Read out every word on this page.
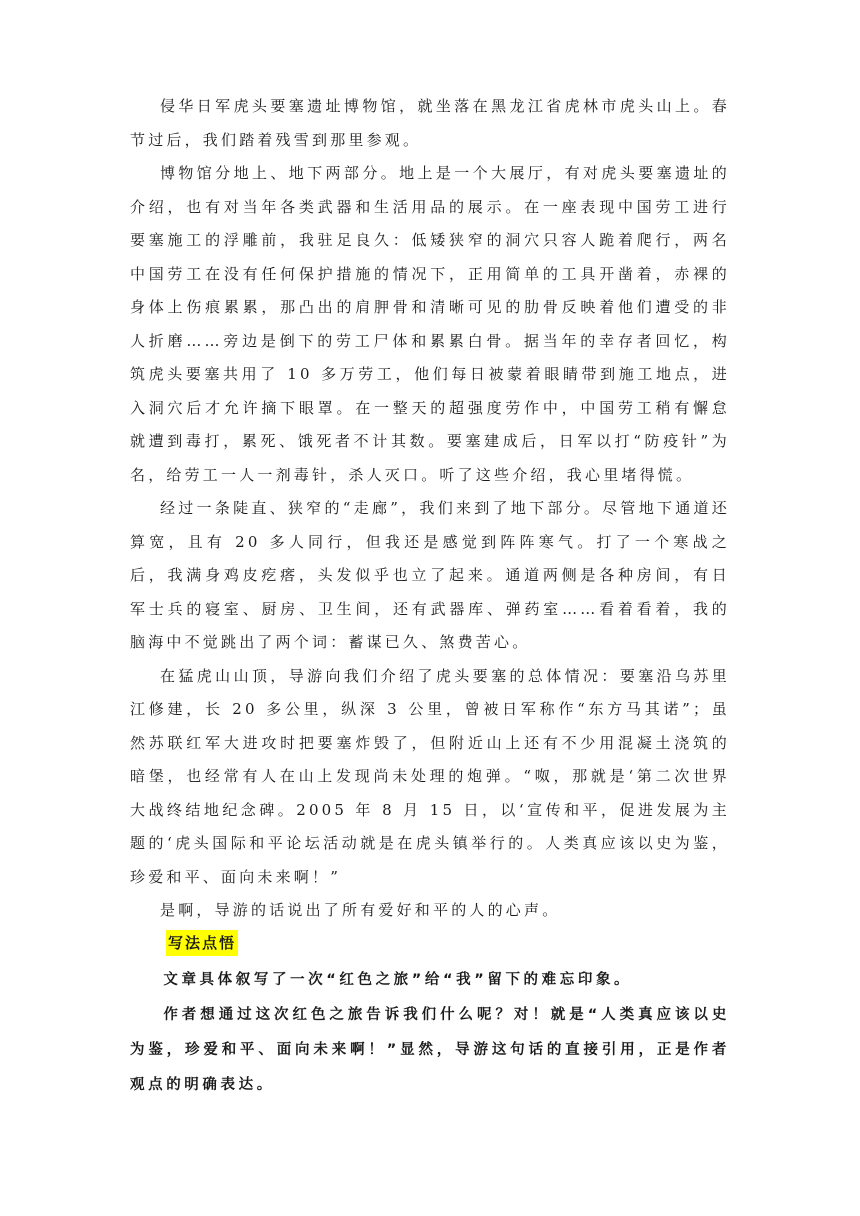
侵华日军虎头要塞遗址博物馆，就坐落在黑龙江省虎林市虎头山上。春节过后，我们踏着残雪到那里参观。

博物馆分地上、地下两部分。地上是一个大展厅，有对虎头要塞遗址的介绍，也有对当年各类武器和生活用品的展示。在一座表现中国劳工进行要塞施工的浮雕前，我驻足良久：低矮狭窄的洞穴只容人跪着爬行，两名中国劳工在没有任何保护措施的情况下，正用简单的工具开凿着，赤裸的身体上伤痕累累，那凸出的肩胛骨和清晰可见的肋骨反映着他们遭受的非人折磨……旁边是倒下的劳工尸体和累累白骨。据当年的幸存者回忆，构筑虎头要塞共用了 10 多万劳工，他们每日被蒙着眼睛带到施工地点，进入洞穴后才允许摘下眼罩。在一整天的超强度劳作中，中国劳工稍有懈怠就遭到毒打，累死、饿死者不计其数。要塞建成后，日军以打“防疫针”为名，给劳工一人一剂毒针，杀人灭口。听了这些介绍，我心里堵得慌。

经过一条陡直、狭窄的“走廊”，我们来到了地下部分。尽管地下通道还算宽，且有 20 多人同行，但我还是感觉到阵阵寒气。打了一个寒战之后，我满身鸡皮疙瘩，头发似乎也立了起来。通道两侧是各种房间，有日军士兵的寝室、厨房、卫生间，还有武器库、弹药室……看着看着，我的脑海中不觉跳出了两个词：蓄谋已久、煞费苦心。

在猛虎山山顶，导游向我们介绍了虎头要塞的总体情况：要塞沿乌苏里江修建，长 20 多公里，纵深 3 公里，曾被日军称作“东方马其诺”；虽然苏联红军大进攻时把要塞炸毁了，但附近山上还有不少用混凝土浇筑的暗堡，也经常有人在山上发现尚未处理的炮弹。“呶，那就是‘第二次世界大战终结地纪念碑。2005 年 8 月 15 日，以‘宣传和平，促进发展为主题的‘虎头国际和平论坛活动就是在虎头镇举行的。人类真应该以史为鉴，珍爱和平、面向未来啊！”

是啊，导游的话说出了所有爱好和平的人的心声。

写法点悟

文章具体叙写了一次“红色之旅”给“我”留下的难忘印象。

作者想通过这次红色之旅告诉我们什么呢？对！就是“人类真应该以史为鉴，珍爱和平、面向未来啊！”显然，导游这句话的直接引用，正是作者观点的明确表达。
